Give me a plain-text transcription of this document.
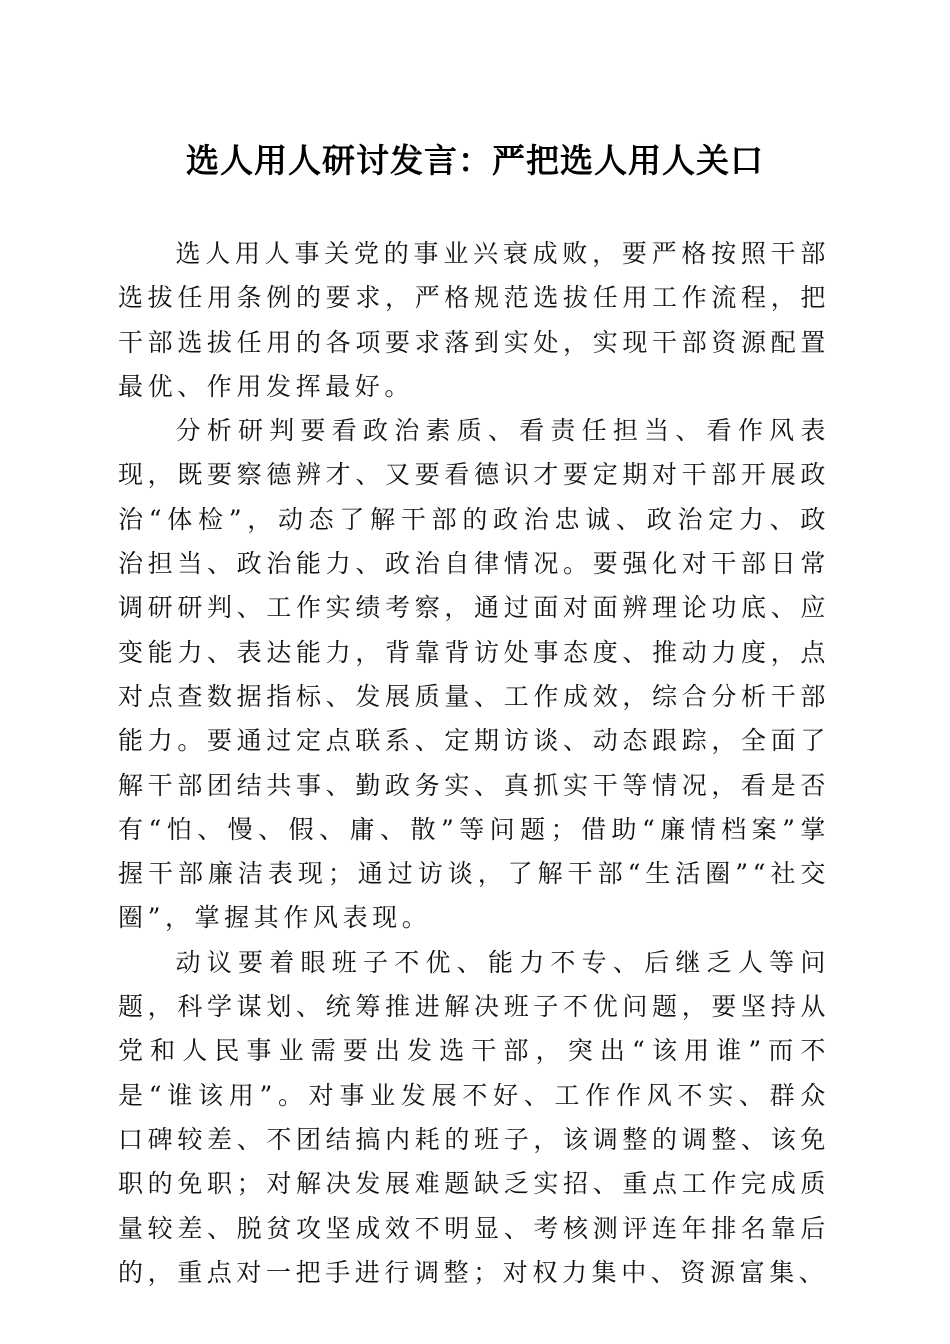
选人用人研讨发言：严把选人用人关口

选人用人事关党的事业兴衰成败，要严格按照干部选拔任用条例的要求，严格规范选拔任用工作流程，把干部选拔任用的各项要求落到实处，实现干部资源配置最优、作用发挥最好。

分析研判要看政治素质、看责任担当、看作风表现，既要察德辨才、又要看德识才要定期对干部开展政治“体检”，动态了解干部的政治忠诚、政治定力、政治担当、政治能力、政治自律情况。要强化对干部日常调研研判、工作实绩考察，通过面对面辨理论功底、应变能力、表达能力，背靠背访处事态度、推动力度，点对点查数据指标、发展质量、工作成效，综合分析干部能力。要通过定点联系、定期访谈、动态跟踪，全面了解干部团结共事、勤政务实、真抓实干等情况，看是否有“怕、慢、假、庸、散”等问题；借助“廉情档案”掌握干部廉洁表现；通过访谈，了解干部“生活圈”“社交圈”，掌握其作风表现。

动议要着眼班子不优、能力不专、后继乏人等问题，科学谋划、统筹推进解决班子不优问题，要坚持从党和人民事业需要出发选干部，突出“该用谁”而不是“谁该用”。对事业发展不好、工作作风不实、群众口碑较差、不团结搞内耗的班子，该调整的调整、该免职的免职；对解决发展难题缺乏实招、重点工作完成质量较差、脱贫攻坚成效不明显、考核测评连年排名靠后的，重点对一把手进行调整；对权力集中、资源富集、
